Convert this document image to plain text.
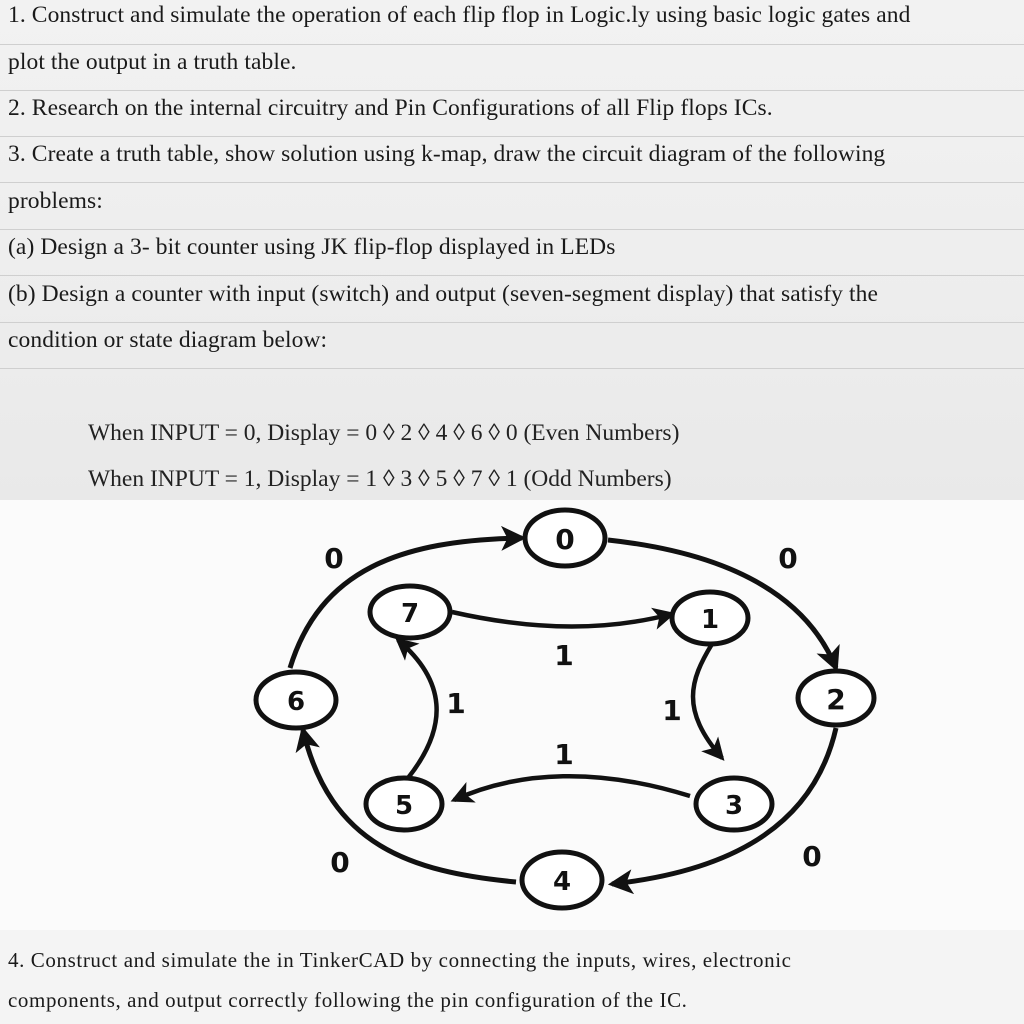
1. Construct and simulate the operation of each flip flop in Logic.ly using basic logic gates and
plot the output in a truth table.
2. Research on the internal circuitry and Pin Configurations of all Flip flops ICs.
3. Create a truth table, show solution using k-map, draw the circuit diagram of the following
problems:
(a) Design a 3- bit counter using JK flip-flop displayed in LEDs
(b) Design a counter with input (switch) and output (seven-segment display) that satisfy the
condition or state diagram below:
When INPUT = 0, Display = 0 ◊ 2 ◊ 4 ◊ 6 ◊ 0 (Even Numbers)
When INPUT = 1, Display = 1 ◊ 3 ◊ 5 ◊ 7 ◊ 1 (Odd Numbers)
0
1
2
3
4
5
6
7
0	0
0
0
1
1	1
1
4. Construct and simulate the in TinkerCAD by connecting the inputs, wires, electronic
components, and output correctly following the pin configuration of the IC.
